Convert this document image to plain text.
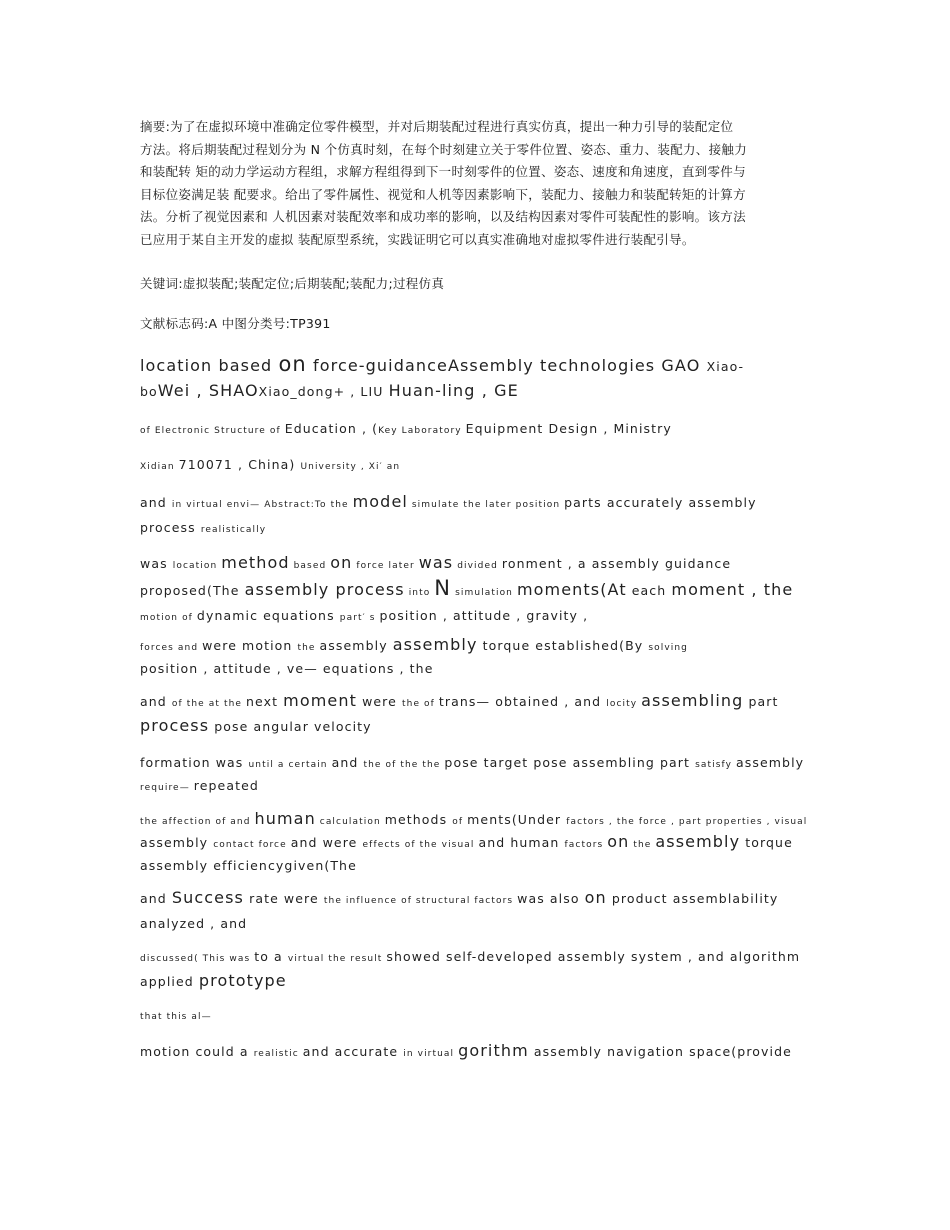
摘要:为了在虚拟环境中准确定位零件模型，并对后期装配过程进行真实仿真，提出一种力引导的装配定位
方法。将后期装配过程划分为 N 个仿真时刻，在每个时刻建立关于零件位置、姿态、重力、装配力、接触力
和装配转 矩的动力学运动方程组，求解方程组得到下一时刻零件的位置、姿态、速度和角速度，直到零件与
目标位姿满足装 配要求。给出了零件属性、视觉和人机等因素影响下，装配力、接触力和装配转矩的计算方
法。分析了视觉因素和 人机因素对装配效率和成功率的影响，以及结构因素对零件可装配性的影响。该方法
已应用于某自主开发的虚拟 装配原型系统，实践证明它可以真实准确地对虚拟零件进行装配引导。
关键词:虚拟装配;装配定位;后期装配;装配力;过程仿真
文献标志码:A 中图分类号:TP391
location based on force-guidanceAssembly technologies GAO Xiao-
boWei , SHAOXiao_dong+ , LIU Huan-ling , GE
of Electronic Structure of Education , (Key Laboratory Equipment Design , Ministry
Xidian 710071 , China) University , Xi′ an
and in virtual envi— Abstract:To the model simulate the later position parts accurately assembly
process realistically
was location method based on force later was divided ronment , a assembly guidance
proposed(The assembly process into N simulation moments(At each moment , the
motion of dynamic equations part′ s position , attitude , gravity ,
forces and were motion the assembly assembly torque established(By solving
position , attitude , ve— equations , the
and of the at the next moment were the of trans— obtained , and locity assembling part
process pose angular velocity
formation was until a certain and the of the the pose target pose assembling part satisfy assembly
require— repeated
the affection of and human calculation methods of ments(Under factors , the force , part properties , visual
assembly contact force and were effects of the visual and human factors on the assembly torque
assembly efficiencygiven(The
and Success rate were the influence of structural factors was also on product assemblability
analyzed , and
discussed( This was to a virtual the result showed self-developed assembly system , and algorithm
applied prototype
that this al—
motion could a realistic and accurate in virtual gorithm assembly navigation space(provide
